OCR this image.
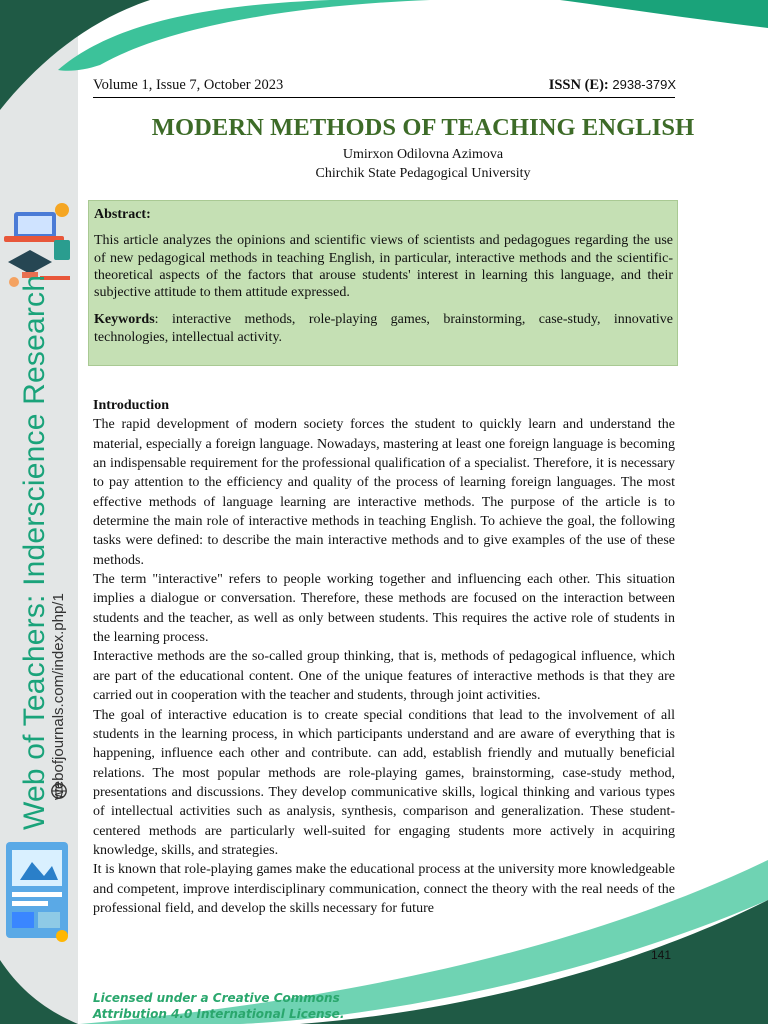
Web of Teachers: Inderscience Research webofjournals.com/index.php/1
Volume 1, Issue 7, October 2023	ISSN (E): 2938-379X
MODERN METHODS OF TEACHING ENGLISH
Umirxon Odilovna Azimova
Chirchik State Pedagogical University

Abstract:

This article analyzes the opinions and scientific views of scientists and pedagogues regarding the use of new pedagogical methods in teaching English, in particular, interactive methods and the scientific-theoretical aspects of the factors that arouse students' interest in learning this language, and their subjective attitude to them attitude expressed.

Keywords: interactive methods, role-playing games, brainstorming, case-study, innovative technologies, intellectual activity.

Introduction

The rapid development of modern society forces the student to quickly learn and understand the material, especially a foreign language. Nowadays, mastering at least one foreign language is becoming an indispensable requirement for the professional qualification of a specialist. Therefore, it is necessary to pay attention to the efficiency and quality of the process of learning foreign languages. The most effective methods of language learning are interactive methods. The purpose of the article is to determine the main role of interactive methods in teaching English. To achieve the goal, the following tasks were defined: to describe the main interactive methods and to give examples of the use of these methods.

The term "interactive" refers to people working together and influencing each other. This situation implies a dialogue or conversation. Therefore, these methods are focused on the interaction between students and the teacher, as well as only between students. This requires the active role of students in the learning process.

Interactive methods are the so-called group thinking, that is, methods of pedagogical influence, which are part of the educational content. One of the unique features of interactive methods is that they are carried out in cooperation with the teacher and students, through joint activities.

The goal of interactive education is to create special conditions that lead to the involvement of all students in the learning process, in which participants understand and are aware of everything that is happening, influence each other and contribute. can add, establish friendly and mutually beneficial relations. The most popular methods are role-playing games, brainstorming, case-study method, presentations and discussions. They develop communicative skills, logical thinking and various types of intellectual activities such as analysis, synthesis, comparison and generalization. These student-centered methods are particularly well-suited for engaging students more actively in acquiring knowledge, skills, and strategies.

It is known that role-playing games make the educational process at the university more knowledgeable and competent, improve interdisciplinary communication, connect the theory with the real needs of the professional field, and develop the skills necessary for future

141
Licensed under a Creative Commons
Attribution 4.0 International License.
